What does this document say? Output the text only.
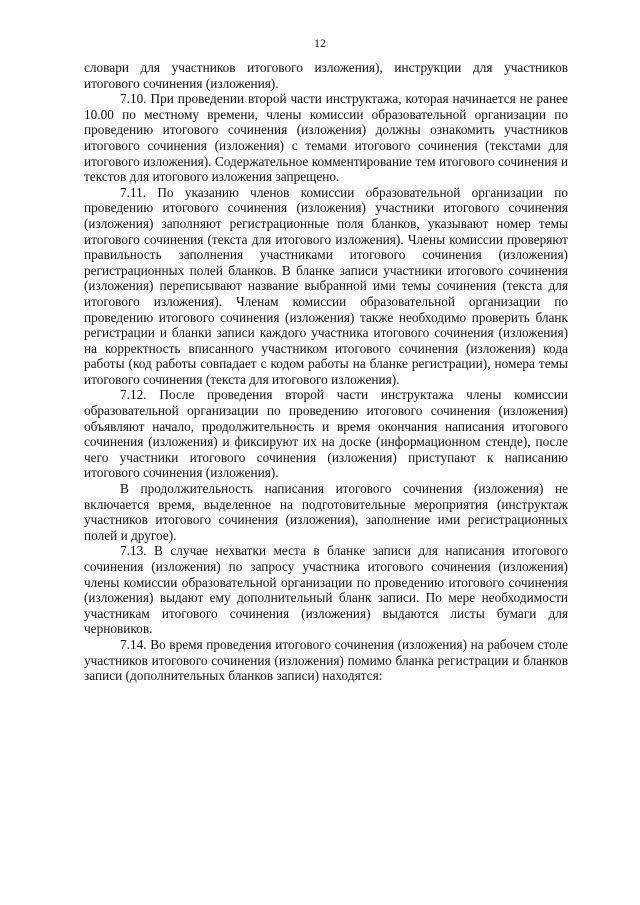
12

словари для участников итогового изложения), инструкции для участников итогового сочинения (изложения).

7.10. При проведении второй части инструктажа, которая начинается не ранее 10.00 по местному времени, члены комиссии образовательной организации по проведению итогового сочинения (изложения) должны ознакомить участников итогового сочинения (изложения) с темами итогового сочинения (текстами для итогового изложения). Содержательное комментирование тем итогового сочинения и текстов для итогового изложения запрещено.

7.11. По указанию членов комиссии образовательной организации по проведению итогового сочинения (изложения) участники итогового сочинения (изложения) заполняют регистрационные поля бланков, указывают номер темы итогового сочинения (текста для итогового изложения). Члены комиссии проверяют правильность заполнения участниками итогового сочинения (изложения) регистрационных полей бланков. В бланке записи участники итогового сочинения (изложения) переписывают название выбранной ими темы сочинения (текста для итогового изложения). Членам комиссии образовательной организации по проведению итогового сочинения (изложения) также необходимо проверить бланк регистрации и бланки записи каждого участника итогового сочинения (изложения) на корректность вписанного участником итогового сочинения (изложения) кода работы (код работы совпадает с кодом работы на бланке регистрации), номера темы итогового сочинения (текста для итогового изложения).

7.12. После проведения второй части инструктажа члены комиссии образовательной организации по проведению итогового сочинения (изложения) объявляют начало, продолжительность и время окончания написания итогового сочинения (изложения) и фиксируют их на доске (информационном стенде), после чего участники итогового сочинения (изложения) приступают к написанию итогового сочинения (изложения).

В продолжительность написания итогового сочинения (изложения) не включается время, выделенное на подготовительные мероприятия (инструктаж участников итогового сочинения (изложения), заполнение ими регистрационных полей и другое).

7.13. В случае нехватки места в бланке записи для написания итогового сочинения (изложения) по запросу участника итогового сочинения (изложения) члены комиссии образовательной организации по проведению итогового сочинения (изложения) выдают ему дополнительный бланк записи. По мере необходимости участникам итогового сочинения (изложения) выдаются листы бумаги для черновиков.

7.14. Во время проведения итогового сочинения (изложения) на рабочем столе участников итогового сочинения (изложения) помимо бланка регистрации и бланков записи (дополнительных бланков записи) находятся:
